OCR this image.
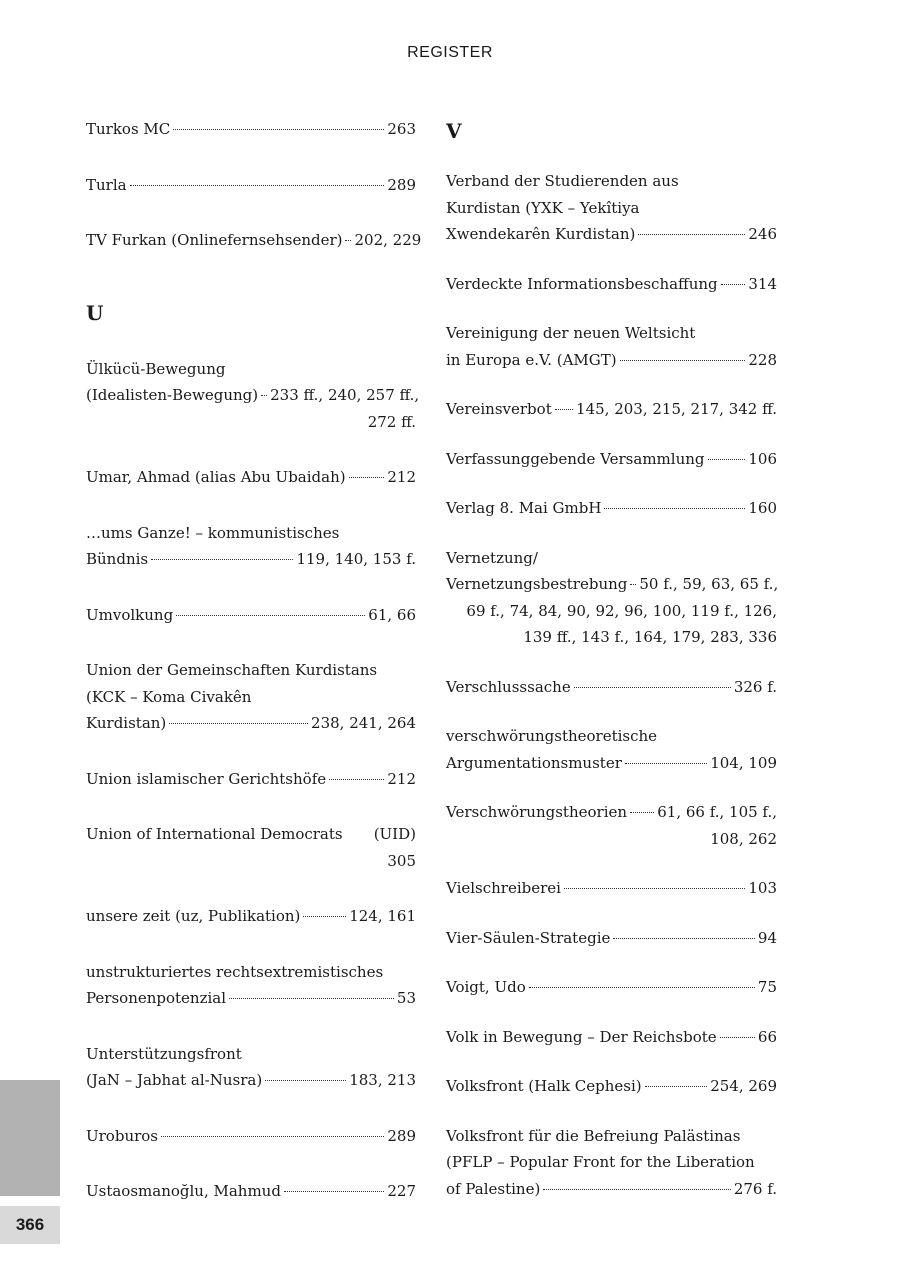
REGISTER
Turkos MC	263
Turla	289
TV Furkan (Onlinefernsehsender) 202, 229
U
Ülkücü-Bewegung
(Idealisten-Bewegung) 233 ff., 240, 257 ff.,
272 ff.
Umar, Ahmad (alias Abu Ubaidah)	212
…ums Ganze! – kommunistisches
Bündnis	119, 140, 153 f.
Umvolkung	61, 66
Union der Gemeinschaften Kurdistans
(KCK – Koma Civakên
Kurdistan)	238, 241, 264
Union islamischer Gerichtshöfe	212
Union of International Democrats (UID)
305
unsere zeit (uz, Publikation)	124, 161
unstrukturiertes rechtsextremistisches
Personenpotenzial	53
Unterstützungsfront
(JaN – Jabhat al-Nusra)	183, 213
Uroburos	289
Ustaosmanoğlu, Mahmud	227
V
Verband der Studierenden aus
Kurdistan (YXK – Yekîtiya
Xwendekarên Kurdistan)	246
Verdeckte Informationsbeschaffung 314
Vereinigung der neuen Weltsicht
in Europa e.V. (AMGT)	228
Vereinsverbot 145, 203, 215, 217, 342 ff.
Verfassunggebende Versammlung	106
Verlag 8. Mai GmbH	160
Vernetzung/
Vernetzungsbestrebung 50 f., 59, 63, 65 f.,
69 f., 74, 84, 90, 92, 96, 100, 119 f., 126,
139 ff., 143 f., 164, 179, 283, 336
Verschlusssache	326 f.
verschwörungstheoretische
Argumentationsmuster	104, 109
Verschwörungstheorien 61, 66 f., 105 f.,
108, 262
Vielschreiberei	103
Vier-Säulen-Strategie	94
Voigt, Udo	75
Volk in Bewegung – Der Reichsbote	66
Volksfront (Halk Cephesi)	254, 269
Volksfront für die Befreiung Palästinas
(PFLP – Popular Front for the Liberation
of Palestine)	276 f.
366
